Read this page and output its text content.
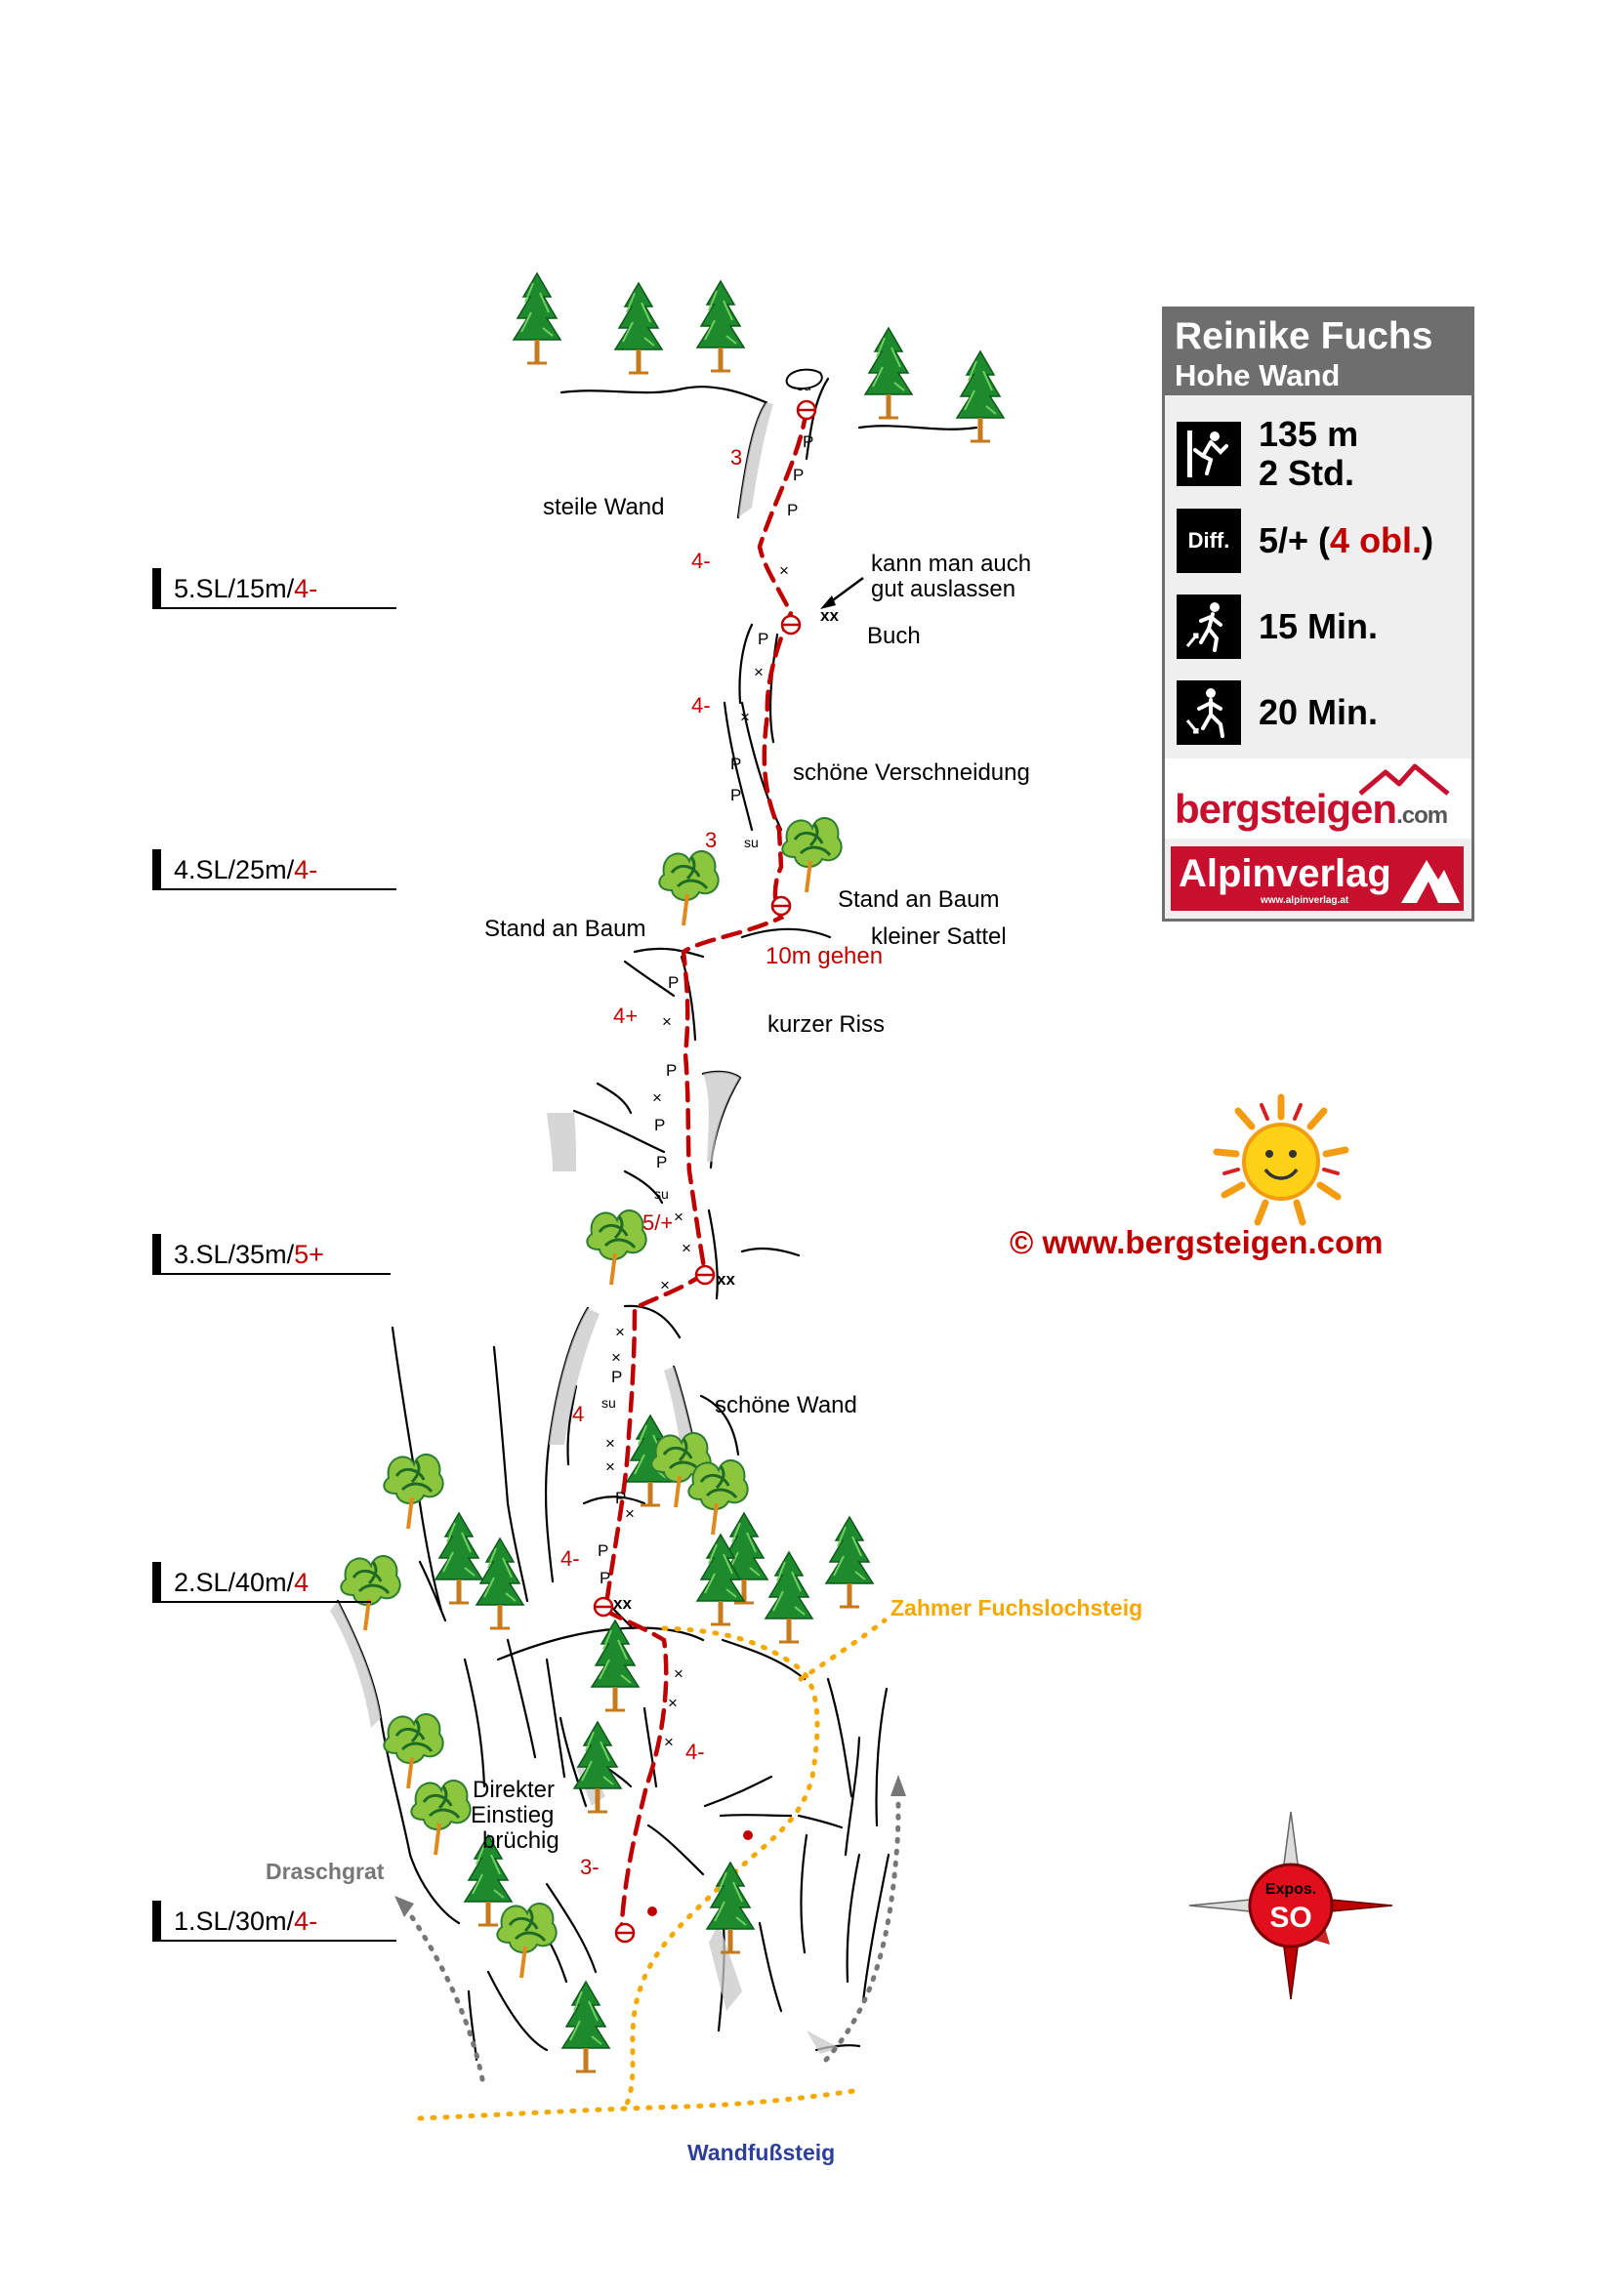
P
P
P
×
P
×
×
P
P
P
×
P
×
P
P
×
×
×
×
×
P
×
×
P
×
P
P
×
×
×
su
su
su
xx
xx
xx
Expos.
SO
5.SL/15m/4-
4.SL/25m/4-
3.SL/35m/5+
2.SL/40m/4
1.SL/30m/4-
steile Wand
kann man auch
gut auslassen
Buch
schöne Verschneidung
Stand an Baum
Stand an Baum	kleiner Sattel
10m gehen
kurzer Riss
schöne Wand
Direkter
Einstieg
brüchig
Zahmer Fuchslochsteig
Draschgrat
Wandfußsteig
3
4-
4-
3
4+
5/+
4
4-
4-
3-
© www.bergsteigen.com
Reinike Fuchs
Hohe Wand
135 m
2 Std.
Diff. 5/+ (4 obl.)
15 Min.
20 Min.
bergsteigen.com
Alpinverlag
www.alpinverlag.at
